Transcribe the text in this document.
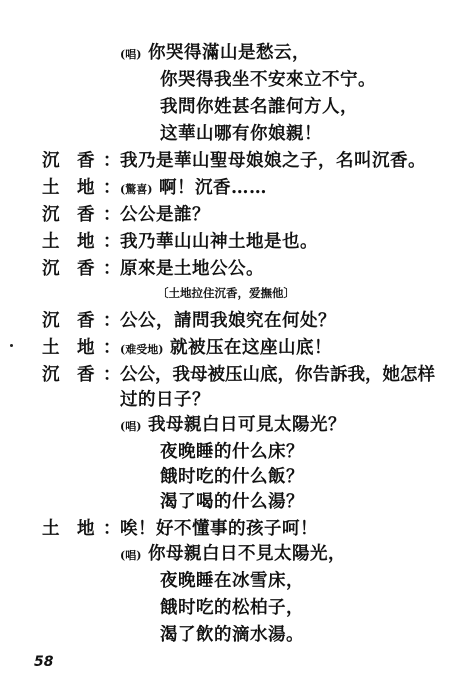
(唱) 你哭得滿山是愁云，
你哭得我坐不安來立不宁。
我問你姓甚名誰何方人，
这華山哪有你娘親！
沉　香 ： 我乃是華山聖母娘娘之子，名叫沉香。
土　地 ： (驚喜) 啊！沉香……
沉　香 ： 公公是誰？
土　地 ： 我乃華山山神土地是也。
沉　香 ： 原來是土地公公。
〔土地拉住沉香，爱撫他〕
沉　香 ： 公公，請問我娘究在何处？
土　地 ： (难受地) 就被压在这座山底！
沉　香 ： 公公，我母被压山底，你告訴我，她怎样
过的日子？
(唱) 我母親白日可見太陽光？
夜晚睡的什么床？
餓时吃的什么飯？
渴了喝的什么湯？
土　地 ： 唉！好不懂事的孩子呵！
(唱) 你母親白日不見太陽光，
夜晚睡在冰雪床，
餓时吃的松柏子，
渴了飲的滴水湯。
58
